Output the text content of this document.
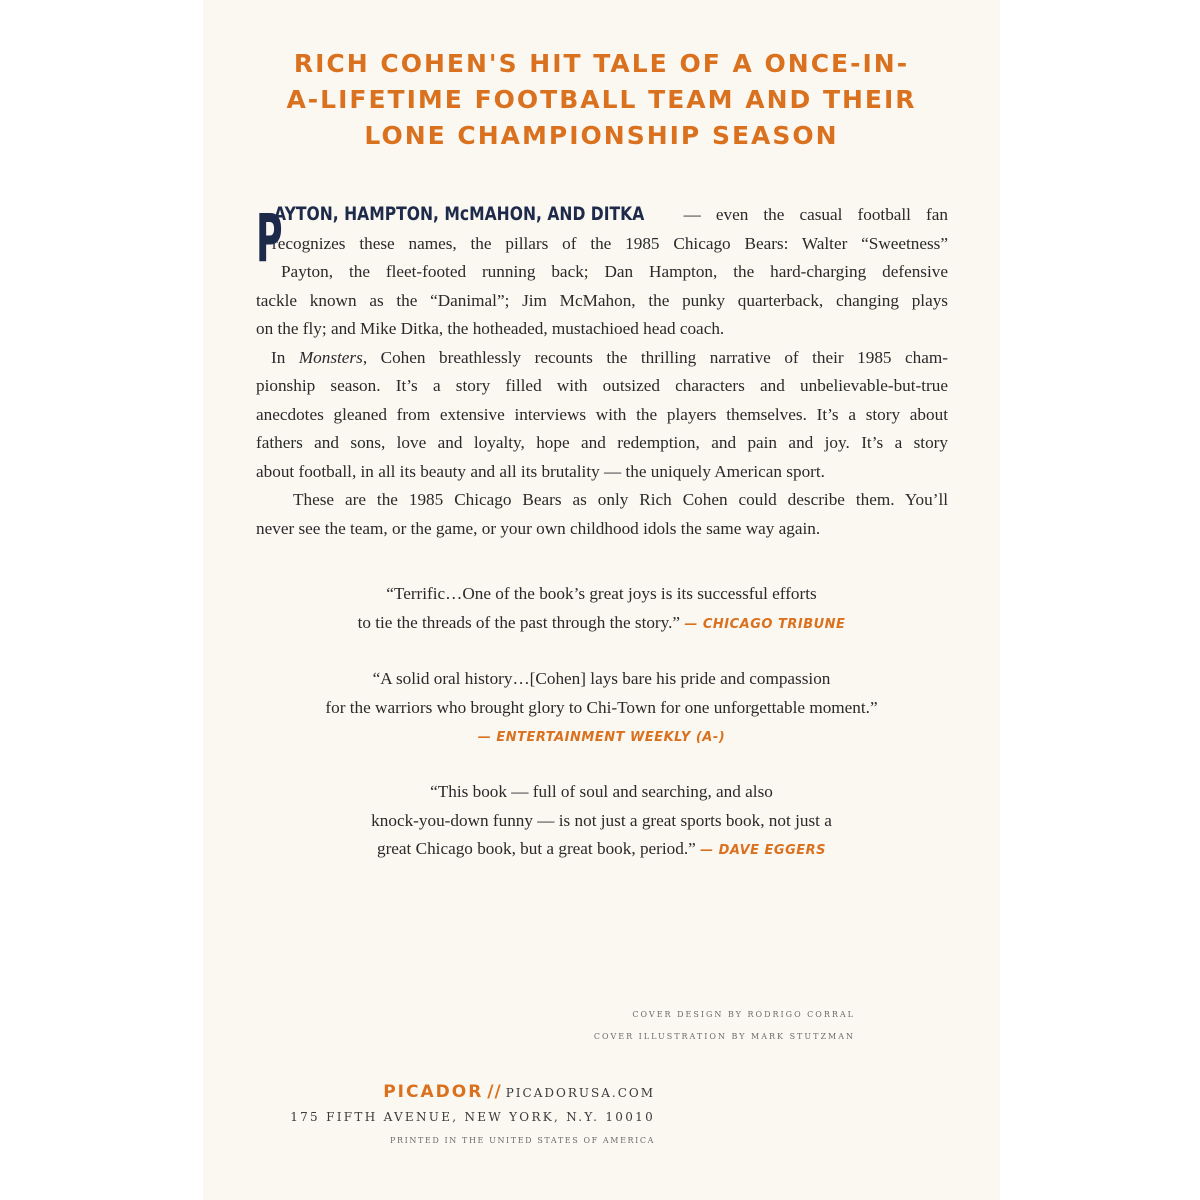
RICH COHEN'S HIT TALE OF A ONCE-IN-
A-LIFETIME FOOTBALL TEAM AND THEIR
LONE CHAMPIONSHIP SEASON
P
AYTON, HAMPTON, McMAHON, AND DITKA — even the casual football fan
recognizes these names, the pillars of the 1985 Chicago Bears: Walter “Sweetness”
Payton, the fleet-footed running back; Dan Hampton, the hard-charging defensive
tackle known as the “Danimal”; Jim McMahon, the punky quarterback, changing plays
on the fly; and Mike Ditka, the hotheaded, mustachioed head coach.
In Monsters, Cohen breathlessly recounts the thrilling narrative of their 1985 cham-
pionship season. It’s a story filled with outsized characters and unbelievable-but-true
anecdotes gleaned from extensive interviews with the players themselves. It’s a story about
fathers and sons, love and loyalty, hope and redemption, and pain and joy. It’s a story
about football, in all its beauty and all its brutality — the uniquely American sport.
These are the 1985 Chicago Bears as only Rich Cohen could describe them. You’ll
never see the team, or the game, or your own childhood idols the same way again.
“Terrific…One of the book’s great joys is its successful efforts
to tie the threads of the past through the story.” — CHICAGO TRIBUNE
“A solid oral history…[Cohen] lays bare his pride and compassion
for the warriors who brought glory to Chi-Town for one unforgettable moment.”
— ENTERTAINMENT WEEKLY (A-)
“This book — full of soul and searching, and also
knock-you-down funny — is not just a great sports book, not just a
great Chicago book, but a great book, period.” — DAVE EGGERS
COVER DESIGN BY RODRIGO CORRAL
COVER ILLUSTRATION BY MARK STUTZMAN
PICADOR // PICADORUSA.COM
175 FIFTH AVENUE, NEW YORK, N.Y. 10010
PRINTED IN THE UNITED STATES OF AMERICA
